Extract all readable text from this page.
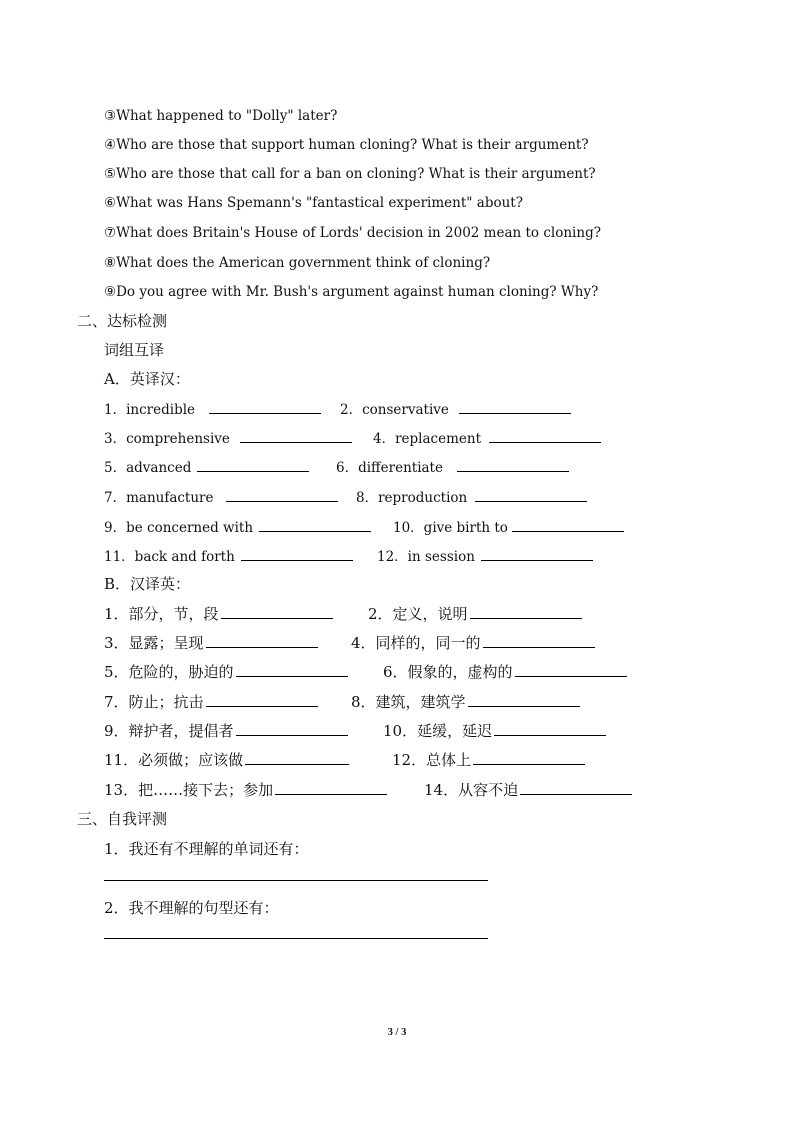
③What happened to "Dolly" later?
④Who are those that support human cloning? What is their argument?
⑤Who are those that call for a ban on cloning? What is their argument?
⑥What was Hans Spemann's "fantastical experiment" about?
⑦What does Britain's House of Lords' decision in 2002 mean to cloning?
⑧What does the American government think of cloning?
⑨Do you agree with Mr. Bush's argument against human cloning? Why?
二、达标检测
词组互译
A．英译汉：
1．incredible	2．conservative
3．comprehensive	4．replacement
5．advanced	6．differentiate
7．manufacture	8．reproduction
9．be concerned with	10．give birth to
11．back and forth	12．in session
B．汉译英：
1．部分，节，段	2．定义，说明
3．显露；呈现	4．同样的，同一的
5．危险的，胁迫的	6．假象的，虚构的
7．防止；抗击	8．建筑，建筑学
9．辩护者，提倡者	10．延缓，延迟
11．必须做；应该做	12．总体上
13．把……接下去；参加	14．从容不迫
三、自我评测
1．我还有不理解的单词还有：
2．我不理解的句型还有：
3 / 3
